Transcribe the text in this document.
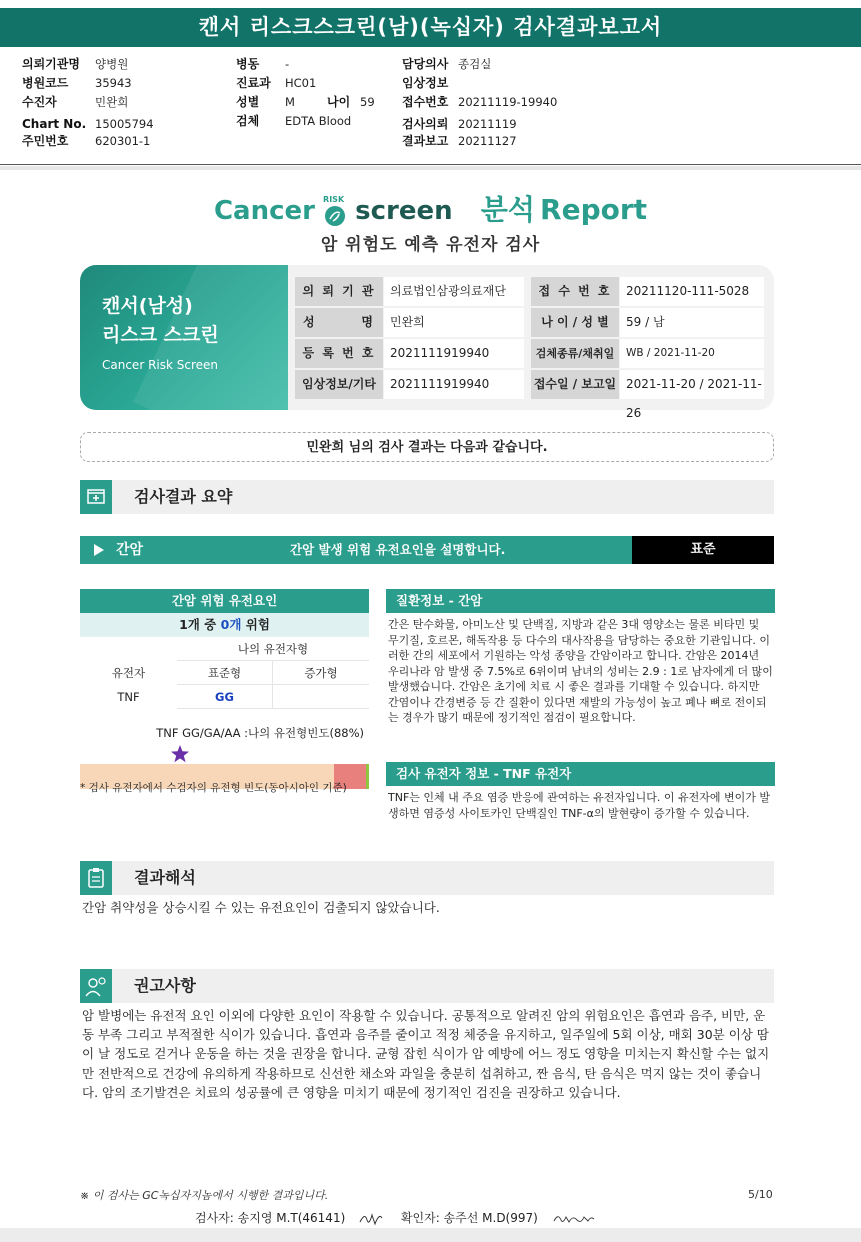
캔서 리스크스크린(남)(녹십자) 검사결과보고서
의뢰기관명 양병원
병원코드 35943
수진자	민완희
Chart No. 15005794
주민번호 620301-1
병동 -
진료과 HC01
성별 M	나이 59
검체 EDTA Blood
담당의사 종검실
임상정보
접수번호 20211119-19940
검사의뢰 20211119
결과보고 20211127
Cancer RISK screen 분석 Report
암 위험도 예측 유전자 검사
캔서(남성)
리스크 스크린
Cancer Risk Screen
의 뢰 기 관	의료법인삼광의료재단	접 수 번 호	20211120-111-5028
성 명	민완희	나 이 / 성 별	59 / 남
등 록 번 호	2021111919940	검체종류/채취일	WB / 2021-11-20
임상정보/기타	2021111919940	접수일 / 보고일 2021-11-20 / 2021-11-26
민완희 님의 검사 결과는 다음과 같습니다.
검사결과 요약
간암	간암 발생 위험 유전요인을 설명합니다.	표준
간암 위험 유전요인
1개 중 0개 위험
나의 유전자형
유전자	표준형	증가형
TNF	GG
TNF GG/GA/AA :나의 유전형빈도(88%)
* 검사 유전자에서 수검자의 유전형 빈도(동아시아인 기준)
질환정보 - 간암
간은 탄수화물, 아미노산 및 단백질, 지방과 같은 3대 영양소는 물론 비타민 및 무기질, 호르몬, 해독작용 등 다수의 대사작용을 담당하는 중요한 기관입니다. 이러한 간의 세포에서 기원하는 악성 종양을 간암이라고 합니다. 간암은 2014년 우리나라 암 발생 중 7.5%로 6위이며 남녀의 성비는 2.9 : 1로 남자에게 더 많이 발생했습니다. 간암은 초기에 치료 시 좋은 결과를 기대할 수 있습니다. 하지만 간염이나 간경변증 등 간 질환이 있다면 재발의 가능성이 높고 폐나 뼈로 전이되는 경우가 많기 때문에 정기적인 점검이 필요합니다.
검사 유전자 정보 - TNF 유전자
TNF는 인체 내 주요 염증 반응에 관여하는 유전자입니다. 이 유전자에 변이가 발생하면 염증성 사이토카인 단백질인 TNF-α의 발현량이 증가할 수 있습니다.
결과해석
간암 취약성을 상승시킬 수 있는 유전요인이 검출되지 않았습니다.
권고사항
암 발병에는 유전적 요인 이외에 다양한 요인이 작용할 수 있습니다. 공통적으로 알려진 암의 위험요인은 흡연과 음주, 비만, 운동 부족 그리고 부적절한 식이가 있습니다. 흡연과 음주를 줄이고 적정 체중을 유지하고, 일주일에 5회 이상, 매회 30분 이상 땀이 날 정도로 걷거나 운동을 하는 것을 권장을 합니다. 균형 잡힌 식이가 암 예방에 어느 정도 영향을 미치는지 확신할 수는 없지만 전반적으로 건강에 유의하게 작용하므로 신선한 채소와 과일을 충분히 섭취하고, 짠 음식, 탄 음식은 먹지 않는 것이 좋습니다. 암의 조기발견은 치료의 성공률에 큰 영향을 미치기 때문에 정기적인 검진을 권장하고 있습니다.
※ 이 검사는 GC녹십자지놈에서 시행한 결과입니다.	5/10
검사자: 송지영 M.T(46141)	확인자: 송주선 M.D(997)
